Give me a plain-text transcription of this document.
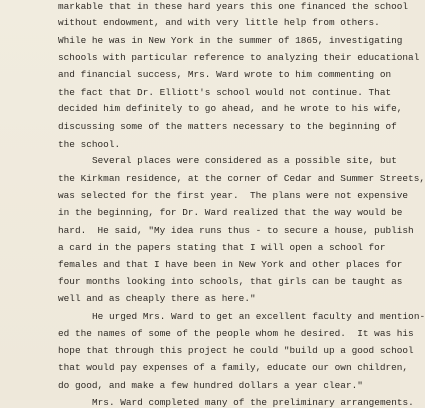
markable that in these hard years this one financed the school
without endowment, and with very little help from others.
While he was in New York in the summer of 1865, investigating
schools with particular reference to analyzing their educational
and financial success, Mrs. Ward wrote to him commenting on
the fact that Dr. Elliott's school would not continue. That
decided him definitely to go ahead, and he wrote to his wife,
discussing some of the matters necessary to the beginning of
the school.
Several places were considered as a possible site, but
the Kirkman residence, at the corner of Cedar and Summer Streets,
was selected for the first year.  The plans were not expensive
in the beginning, for Dr. Ward realized that the way would be
hard.  He said, "My idea runs thus - to secure a house, publish
a card in the papers stating that I will open a school for
females and that I have been in New York and other places for
four months looking into schools, that girls can be taught as
well and as cheaply there as here."
He urged Mrs. Ward to get an excellent faculty and mention-
ed the names of some of the people whom he desired.  It was his
hope that through this project he could "build up a good school
that would pay expenses of a family, educate our own children,
do good, and make a few hundred dollars a year clear."
Mrs. Ward completed many of the preliminary arrangements.
